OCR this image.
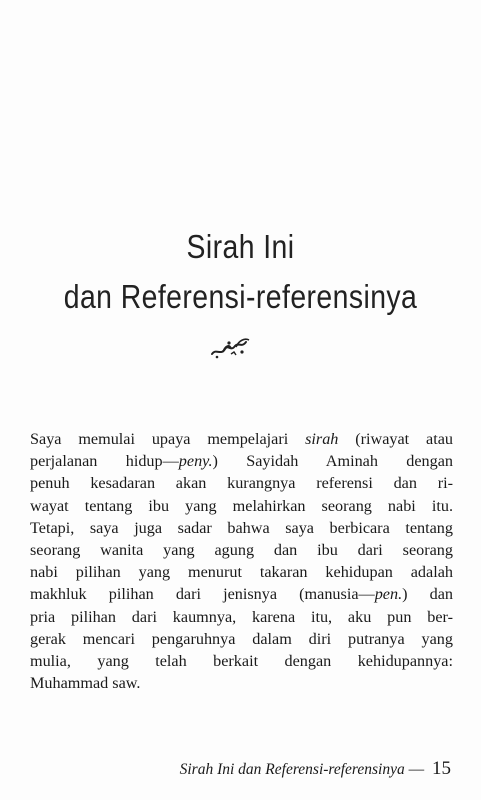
Sirah Ini
dan Referensi-referensinya
Saya memulai upaya mempelajari sirah (riwayat atau
perjalanan hidup—peny.) Sayidah Aminah dengan
penuh kesadaran akan kurangnya referensi dan ri-
wayat tentang ibu yang melahirkan seorang nabi itu.
Tetapi, saya juga sadar bahwa saya berbicara tentang
seorang wanita yang agung dan ibu dari seorang
nabi pilihan yang menurut takaran kehidupan adalah
makhluk pilihan dari jenisnya (manusia—pen.) dan
pria pilihan dari kaumnya, karena itu, aku pun ber-
gerak mencari pengaruhnya dalam diri putranya yang
mulia, yang telah berkait dengan kehidupannya:
Muhammad saw.
Sirah Ini dan Referensi-referensinya — 15
